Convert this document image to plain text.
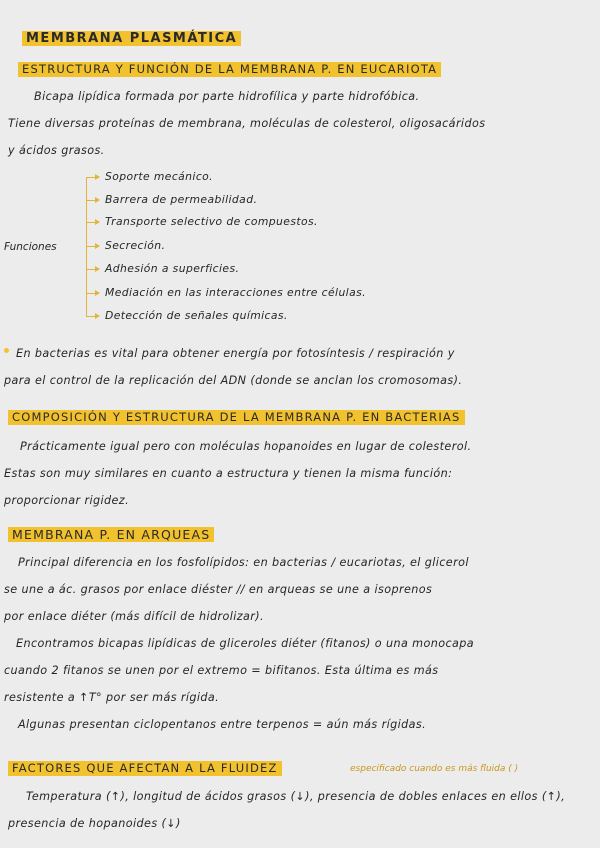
MEMBRANA PLASMÁTICA
ESTRUCTURA Y FUNCIÓN DE LA MEMBRANA P. EN EUCARIOTA
Bicapa lipídica formada por parte hidrofílica y parte hidrofóbica.
Tiene diversas proteínas de membrana, moléculas de colesterol, oligosacáridos
y ácidos grasos.
Funciones
Soporte mecánico.
Barrera de permeabilidad.
Transporte selectivo de compuestos.
Secreción.
Adhesión a superficies.
Mediación en las interacciones entre células.
Detección de señales químicas.
En bacterias es vital para obtener energía por fotosíntesis / respiración y
para el control de la replicación del ADN (donde se anclan los cromosomas).
COMPOSICIÓN Y ESTRUCTURA DE LA MEMBRANA P. EN BACTERIAS
Prácticamente igual pero con moléculas hopanoides en lugar de colesterol.
Estas son muy similares en cuanto a estructura y tienen la misma función:
proporcionar rigidez.
MEMBRANA P. EN ARQUEAS
Principal diferencia en los fosfolípidos: en bacterias / eucariotas, el glicerol
se une a ác. grasos por enlace diéster // en arqueas se une a isoprenos
por enlace diéter (más difícil de hidrolizar).
Encontramos bicapas lipídicas de gliceroles diéter (fitanos) o una monocapa
cuando 2 fitanos se unen por el extremo = bifitanos. Esta última es más
resistente a ↑T° por ser más rígida.
Algunas presentan ciclopentanos entre terpenos = aún más rígidas.
FACTORES QUE AFECTAN A LA FLUIDEZ	especificado cuando es más fluida ( )
Temperatura (↑), longitud de ácidos grasos (↓), presencia de dobles enlaces en ellos (↑),
presencia de hopanoides (↓)
